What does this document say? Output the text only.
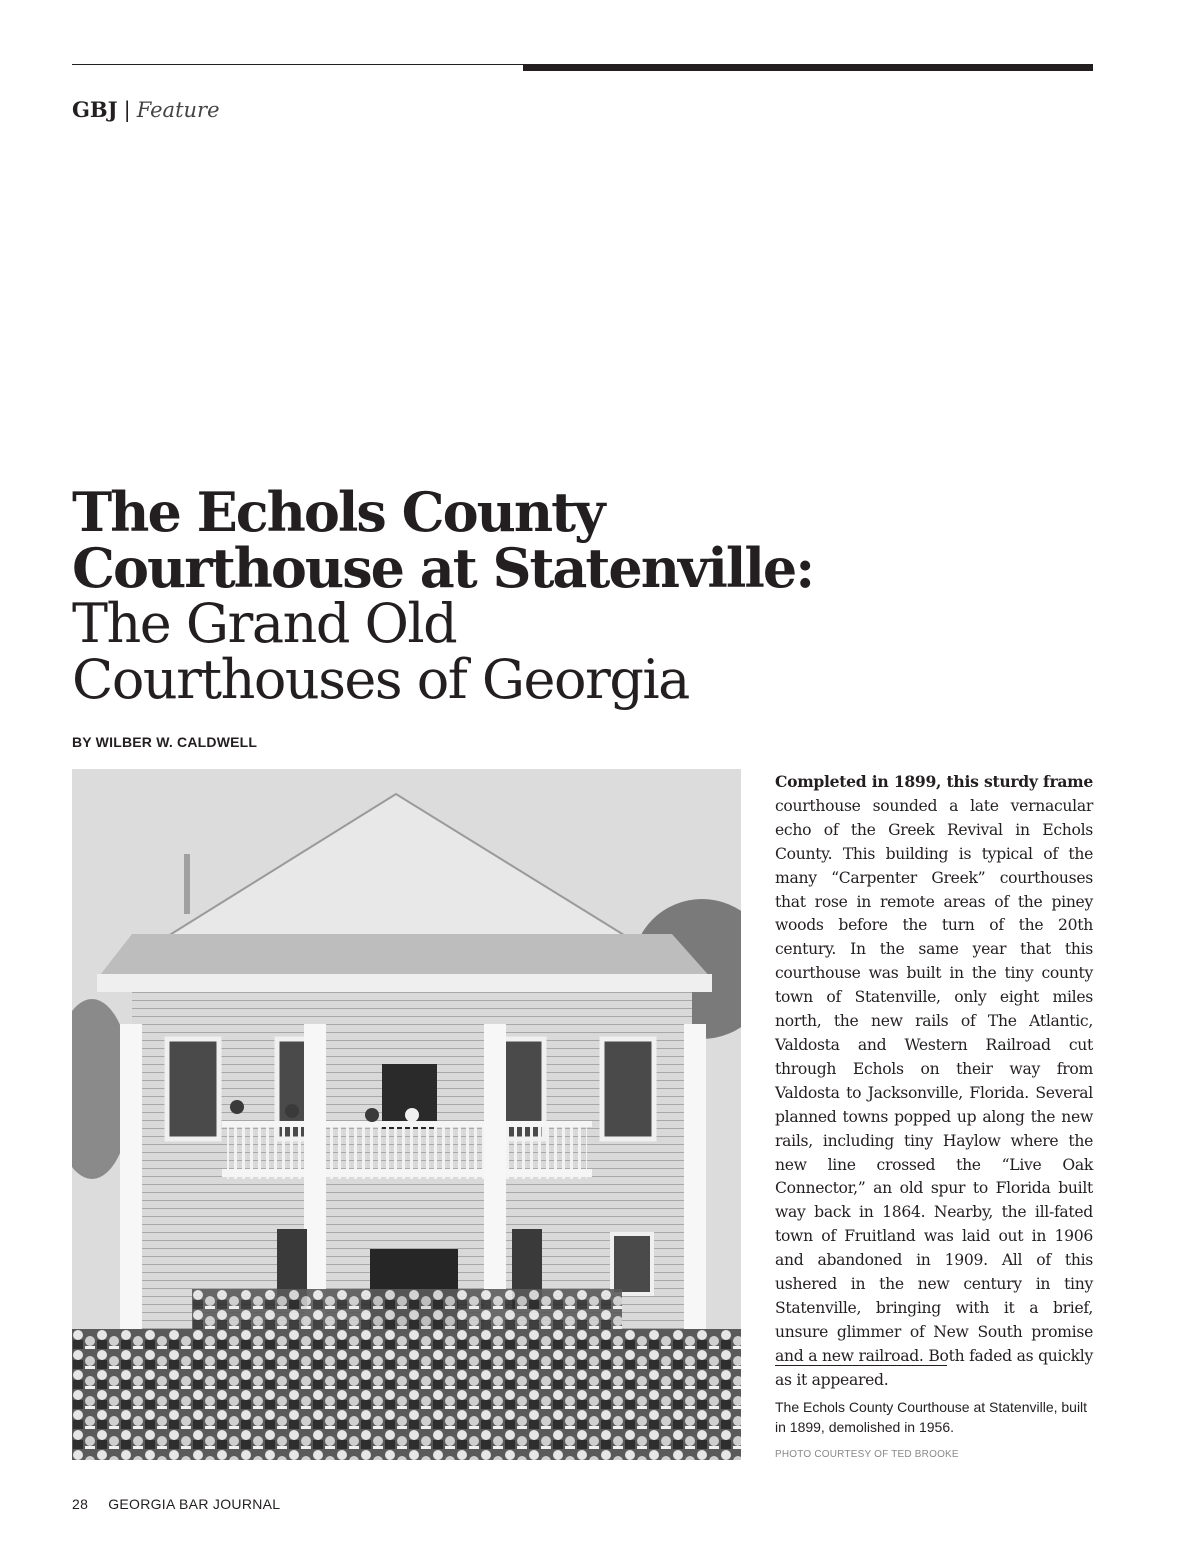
GBJ | Feature
The Echols County
Courthouse at Statenville:
The Grand Old
Courthouses of Georgia
BY WILBER W. CALDWELL
Completed in 1899, this sturdy frame courthouse sounded a late vernacular echo of the Greek Revival in Echols County. This building is typical of the many “Carpenter Greek” courthouses that rose in remote areas of the piney woods before the turn of the 20th century. In the same year that this courthouse was built in the tiny county town of Statenville, only eight miles north, the new rails of The Atlantic, Valdosta and Western Railroad cut through Echols on their way from Valdosta to Jacksonville, Florida. Several planned towns popped up along the new rails, including tiny Haylow where the new line crossed the “Live Oak Connector,” an old spur to Florida built way back in 1864. Nearby, the ill-fated town of Fruitland was laid out in 1906 and abandoned in 1909. All of this ushered in the new century in tiny Statenville, bringing with it a brief, unsure glimmer of New South promise and a new railroad. Both faded as quickly as it appeared.
The Echols County Courthouse at Statenville, built in 1899, demolished in 1956.
PHOTO COURTESY OF TED BROOKE
28 GEORGIA BAR JOURNAL
